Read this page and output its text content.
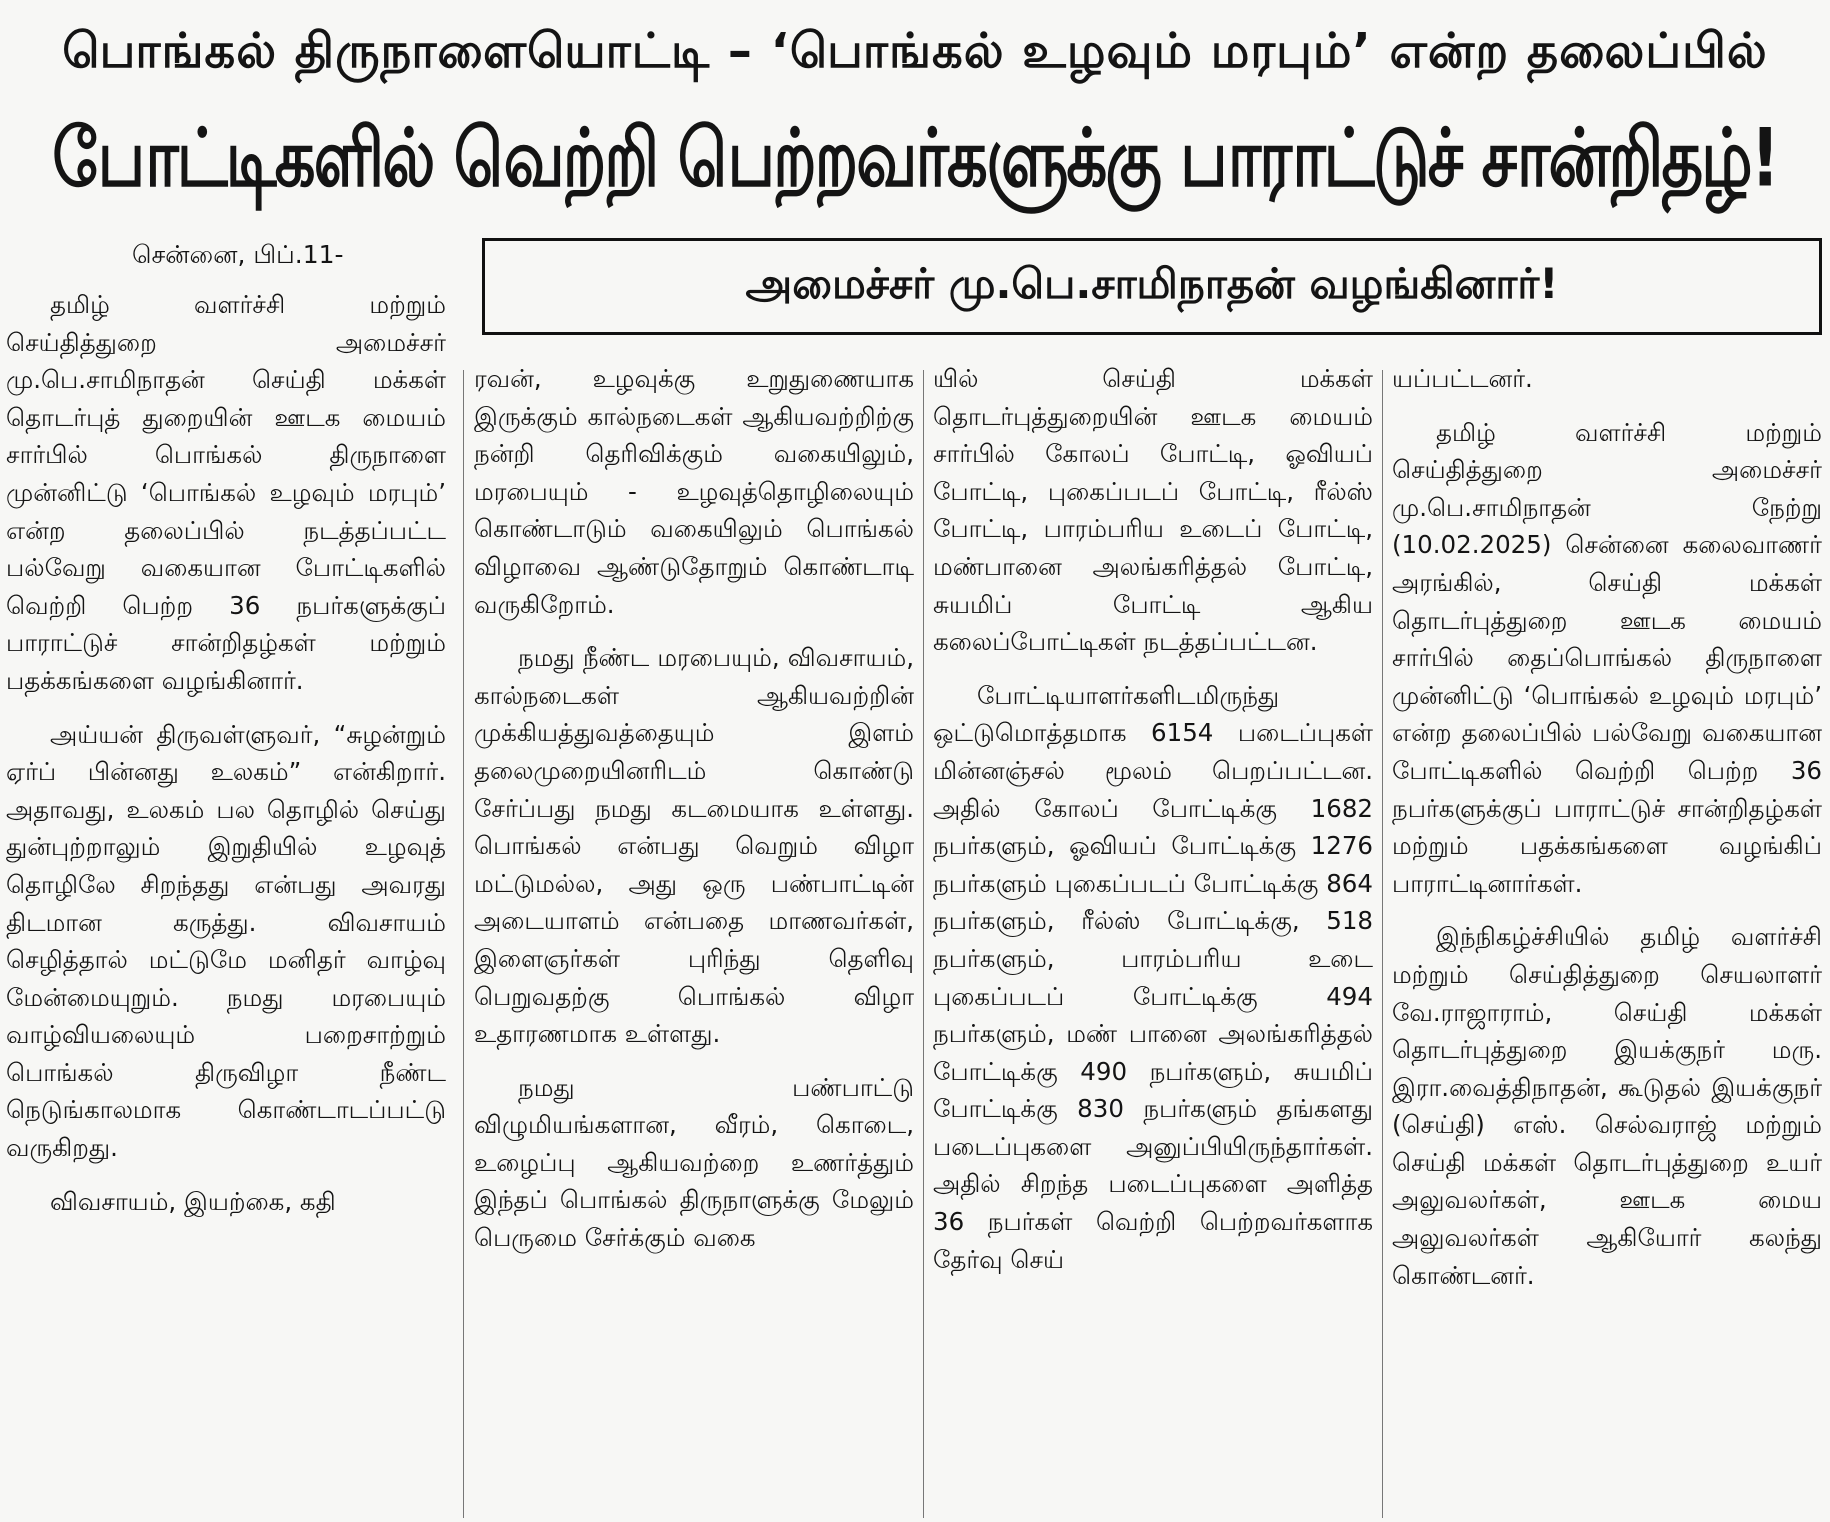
பொங்கல் திருநாளையொட்டி – ‘பொங்கல் உழவும் மரபும்’ என்ற தலைப்பில்
போட்டிகளில் வெற்றி பெற்றவர்களுக்கு பாராட்டுச் சான்றிதழ்!
சென்னை, பிப்.11-
அமைச்சர் மு.பெ.சாமிநாதன் வழங்கினார்!

தமிழ் வளர்ச்சி மற்றும் செய்தித்துறை அமைச்சர் மு.பெ.சாமிநாதன் செய்தி மக்கள் தொடர்புத் துறையின் ஊடக மையம் சார்பில் பொங்கல் திருநாளை முன்னிட்டு ‘பொங்கல் உழவும் மரபும்’ என்ற தலைப்பில் நடத்தப்பட்ட பல்வேறு வகையான போட்டிகளில் வெற்றி பெற்ற 36 நபர்களுக்குப் பாராட்டுச் சான்றிதழ்கள் மற்றும் பதக்கங்களை வழங்கினார்.

அய்யன் திருவள்ளுவர், “சுழன்றும் ஏர்ப் பின்னது உலகம்” என்கிறார். அதாவது, உலகம் பல தொழில் செய்து துன்புற்றாலும் இறுதியில் உழவுத் தொழிலே சிறந்தது என்பது அவரது திடமான கருத்து. விவசாயம் செழித்தால் மட்டுமே மனிதர் வாழ்வு மேன்மையுறும். நமது மரபையும் வாழ்வியலையும் பறைசாற்றும் பொங்கல் திருவிழா நீண்ட நெடுங்காலமாக கொண்டாடப்பட்டு வருகிறது.

விவசாயம், இயற்கை, கதி

ரவன், உழவுக்கு உறுதுணையாக இருக்கும் கால்நடைகள் ஆகியவற்றிற்கு நன்றி தெரிவிக்கும் வகையிலும், மரபையும் - உழவுத்தொழிலையும் கொண்டாடும் வகையிலும் பொங்கல் விழாவை ஆண்டுதோறும் கொண்டாடி வருகிறோம்.

நமது நீண்ட மரபையும், விவசாயம், கால்நடைகள் ஆகியவற்றின் முக்கியத்துவத்தையும் இளம் தலைமுறையினரிடம் கொண்டு சேர்ப்பது நமது கடமையாக உள்ளது. பொங்கல் என்பது வெறும் விழா மட்டுமல்ல, அது ஒரு பண்பாட்டின் அடையாளம் என்பதை மாணவர்கள், இளைஞர்கள் புரிந்து தெளிவு பெறுவதற்கு பொங்கல் விழா உதாரணமாக உள்ளது.

நமது பண்பாட்டு விழுமியங்களான, வீரம், கொடை, உழைப்பு ஆகியவற்றை உணர்த்தும் இந்தப் பொங்கல் திருநாளுக்கு மேலும் பெருமை சேர்க்கும் வகை

யில் செய்தி மக்கள் தொடர்புத்துறையின் ஊடக மையம் சார்பில் கோலப் போட்டி, ஓவியப் போட்டி, புகைப்படப் போட்டி, ரீல்ஸ் போட்டி, பாரம்பரிய உடைப் போட்டி, மண்பானை அலங்கரித்தல் போட்டி, சுயமிப் போட்டி ஆகிய கலைப்போட்டிகள் நடத்தப்பட்டன.

போட்டியாளர்களிடமிருந்து ஒட்டுமொத்தமாக 6154 படைப்புகள் மின்னஞ்சல் மூலம் பெறப்பட்டன. அதில் கோலப் போட்டிக்கு 1682 நபர்களும், ஓவியப் போட்டிக்கு 1276 நபர்களும் புகைப்படப் போட்டிக்கு 864 நபர்களும், ரீல்ஸ் போட்டிக்கு, 518 நபர்களும், பாரம்பரிய உடை புகைப்படப் போட்டிக்கு 494 நபர்களும், மண் பானை அலங்கரித்தல் போட்டிக்கு 490 நபர்களும், சுயமிப் போட்டிக்கு 830 நபர்களும் தங்களது படைப்புகளை அனுப்பியிருந்தார்கள். அதில் சிறந்த படைப்புகளை அளித்த 36 நபர்கள் வெற்றி பெற்றவர்களாக தேர்வு செய்

யப்பட்டனர்.

தமிழ் வளர்ச்சி மற்றும் செய்தித்துறை அமைச்சர் மு.பெ.சாமிநாதன் நேற்று (10.02.2025) சென்னை கலைவாணர் அரங்கில், செய்தி மக்கள் தொடர்புத்துறை ஊடக மையம் சார்பில் தைப்பொங்கல் திருநாளை முன்னிட்டு ‘பொங்கல் உழவும் மரபும்’ என்ற தலைப்பில் பல்வேறு வகையான போட்டிகளில் வெற்றி பெற்ற 36 நபர்களுக்குப் பாராட்டுச் சான்றிதழ்கள் மற்றும் பதக்கங்களை வழங்கிப் பாராட்டினார்கள்.

இந்நிகழ்ச்சியில் தமிழ் வளர்ச்சி மற்றும் செய்தித்துறை செயலாளர் வே.ராஜாராம், செய்தி மக்கள் தொடர்புத்துறை இயக்குநர் மரு. இரா.வைத்திநாதன், கூடுதல் இயக்குநர் (செய்தி) எஸ். செல்வராஜ் மற்றும் செய்தி மக்கள் தொடர்புத்துறை உயர் அலுவலர்கள், ஊடக மைய அலுவலர்கள் ஆகியோர் கலந்து கொண்டனர்.
